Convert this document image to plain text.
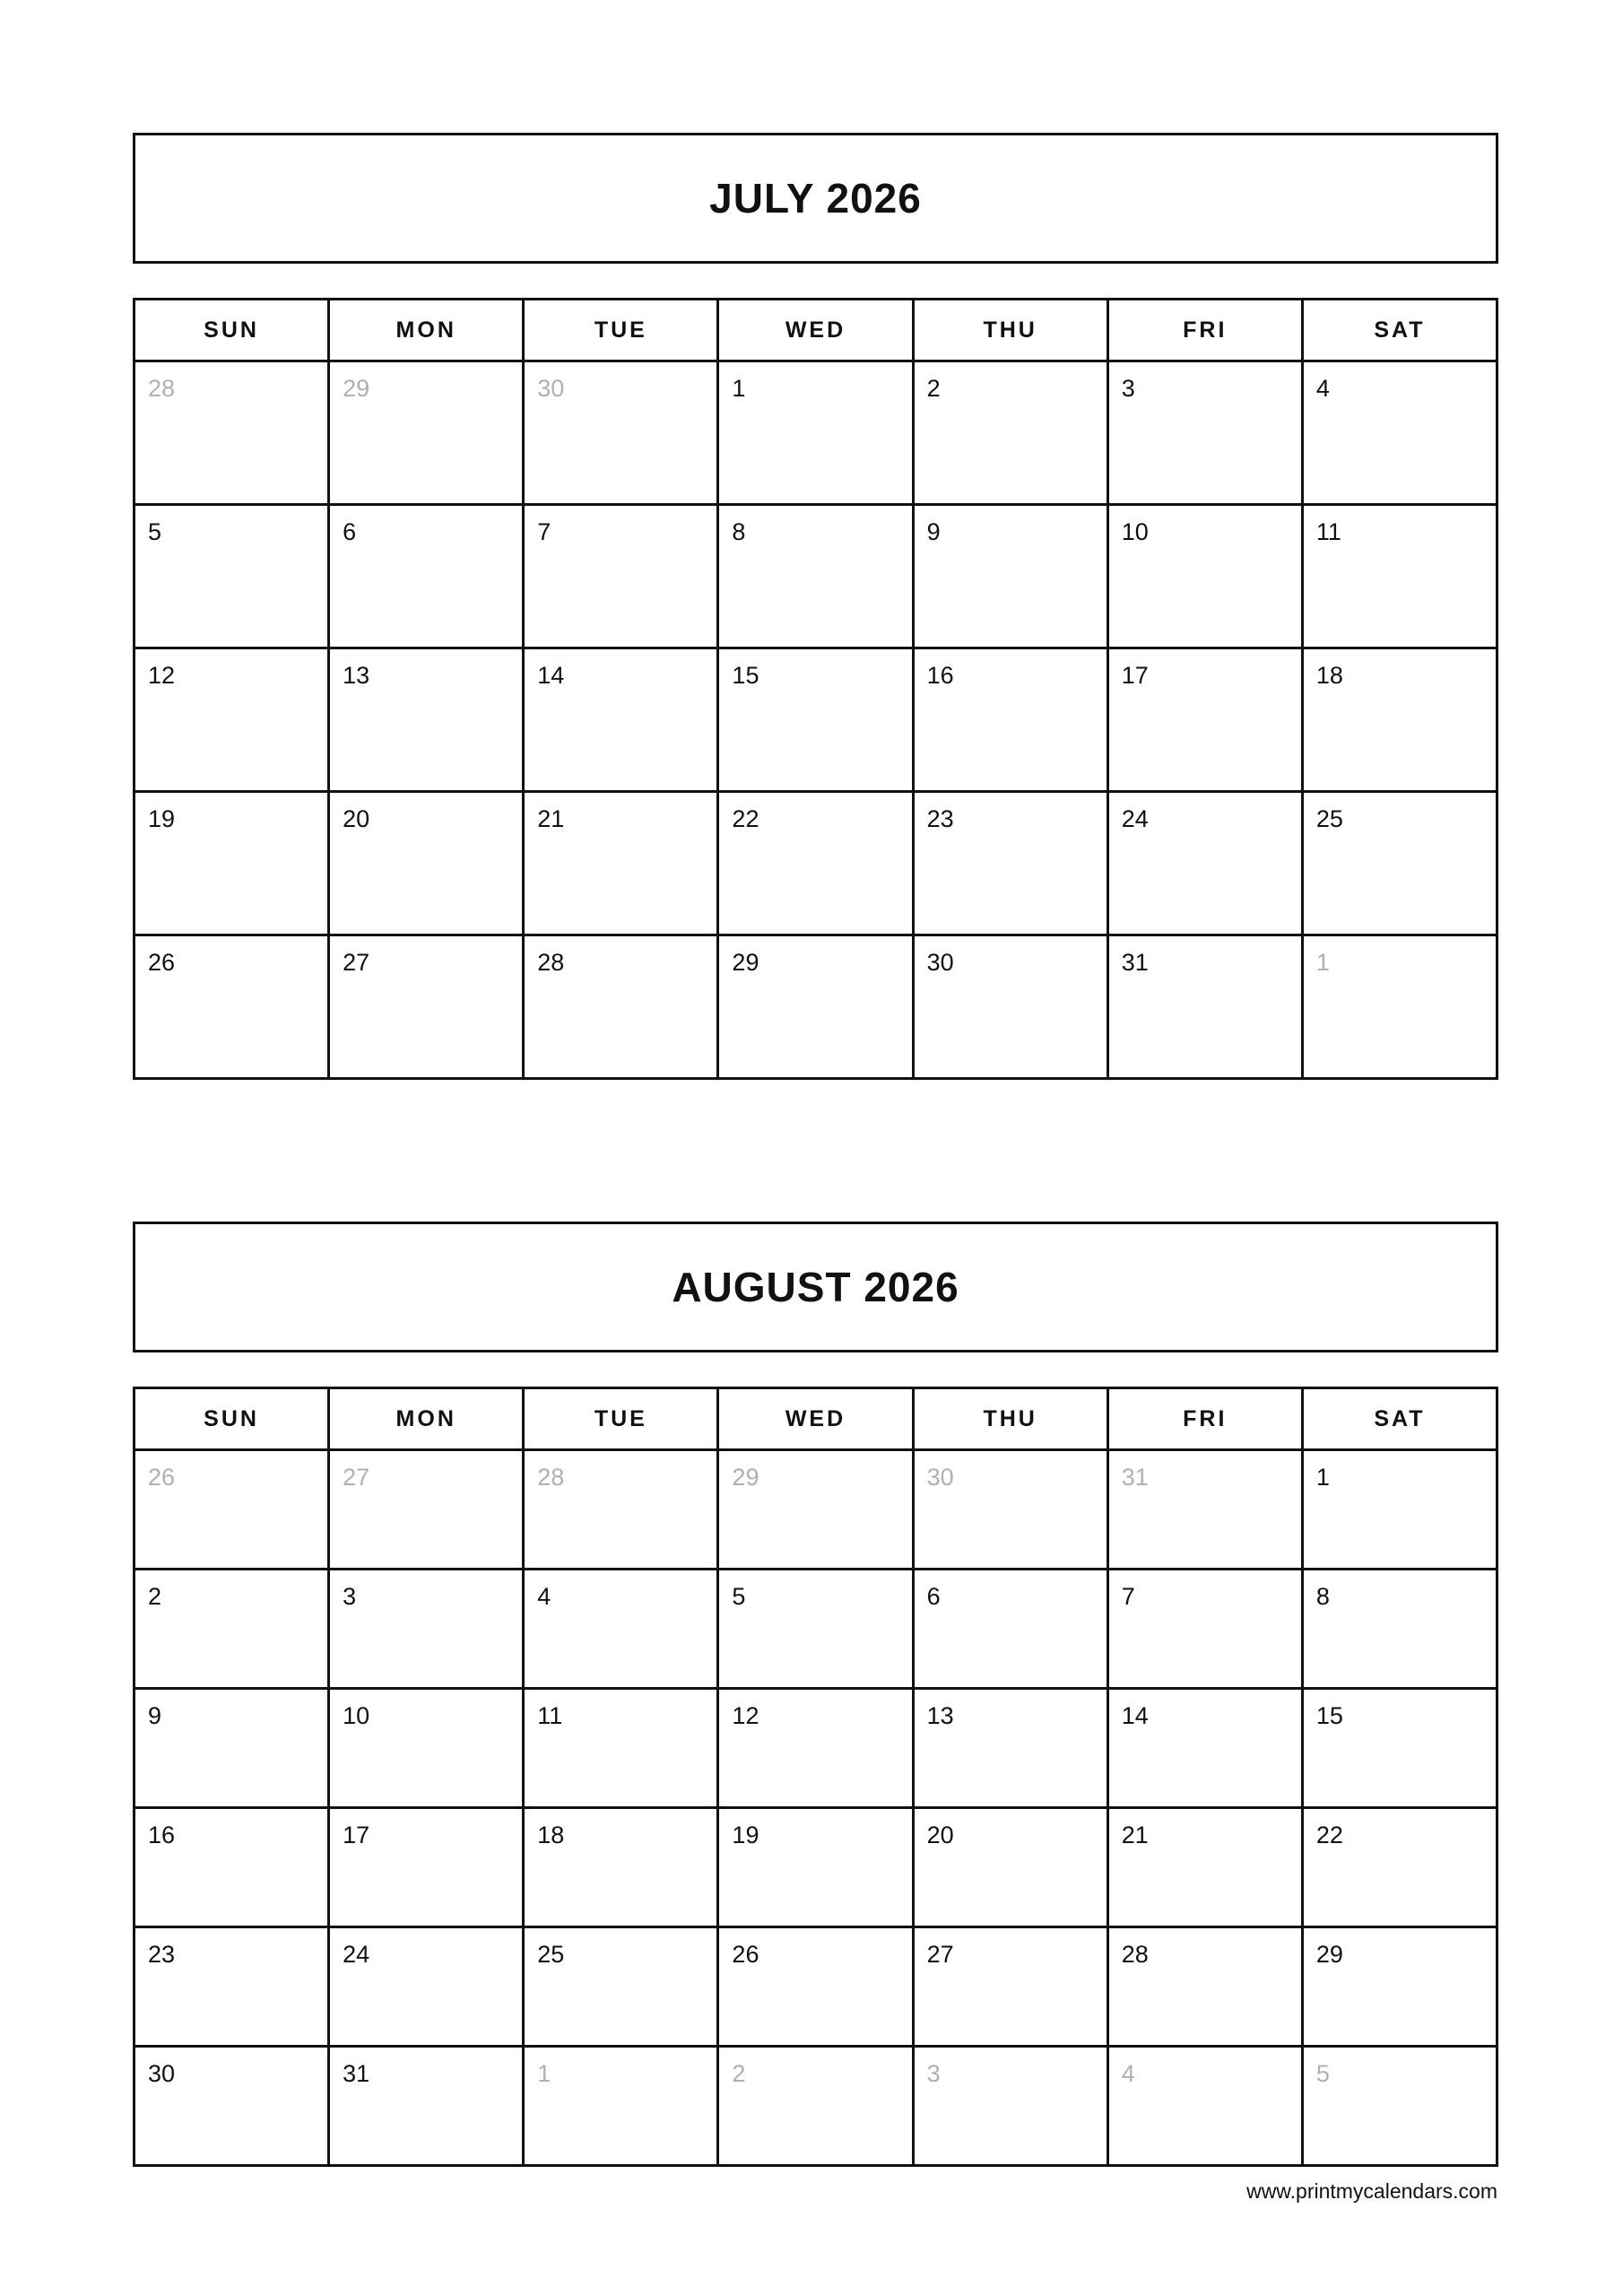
JULY 2026
SUN	MON	TUE	WED	THU	FRI	SAT

28	29	30	1	2	3	4

5	6	7	8	9	10	11

12	13	14	15	16	17	18

19	20	21	22	23	24	25

26	27	28	29	30	31	1
AUGUST 2026
SUN	MON	TUE	WED	THU	FRI	SAT

26	27	28	29	30	31	1

2	3	4	5	6	7	8

9	10	11	12	13	14	15

16	17	18	19	20	21	22

23	24	25	26	27	28	29

30	31	1	2	3	4	5
www.printmycalendars.com
